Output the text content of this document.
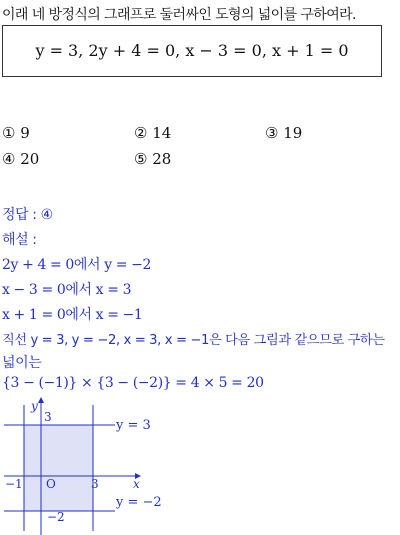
이래 네 방정식의 그래프로 둘러싸인 도형의 넓이를 구하여라.
y = 3, 2y + 4 = 0, x − 3 = 0, x + 1 = 0
① 9	② 14	③ 19
④ 20	⑤ 28
정답 : ④
해설 :
2y + 4 = 0에서 y = −2
x − 3 = 0에서 x = 3
x + 1 = 0에서 x = −1
직선 y = 3, y = −2, x = 3, x = −1은 다음 그림과 같으므로 구하는
넓이는
{3 − (−1)} × {3 − (−2)} = 4 × 5 = 20
y
x
3
O
−1	3
−2
y = 3
y = −2
